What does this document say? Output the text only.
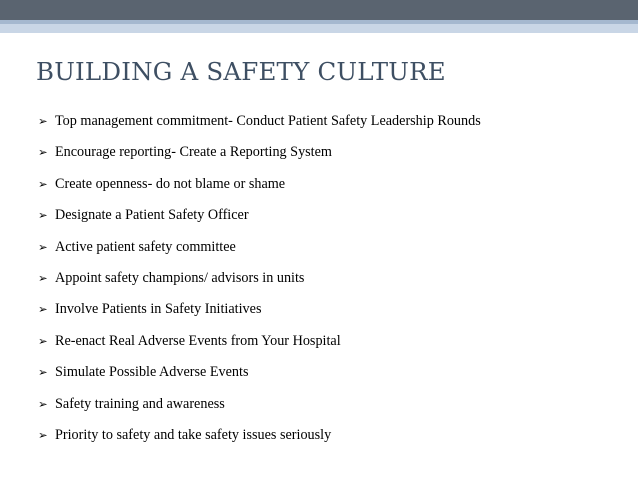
BUILDING A SAFETY CULTURE
➢ Top management commitment- Conduct Patient Safety Leadership Rounds
➢ Encourage reporting- Create a Reporting System
➢ Create openness- do not blame or shame
➢ Designate a Patient Safety Officer
➢ Active patient safety committee
➢ Appoint safety champions/ advisors in units
➢ Involve Patients in Safety Initiatives
➢ Re-enact Real Adverse Events from Your Hospital
➢ Simulate Possible Adverse Events
➢ Safety training and awareness
➢ Priority to safety and take safety issues seriously
